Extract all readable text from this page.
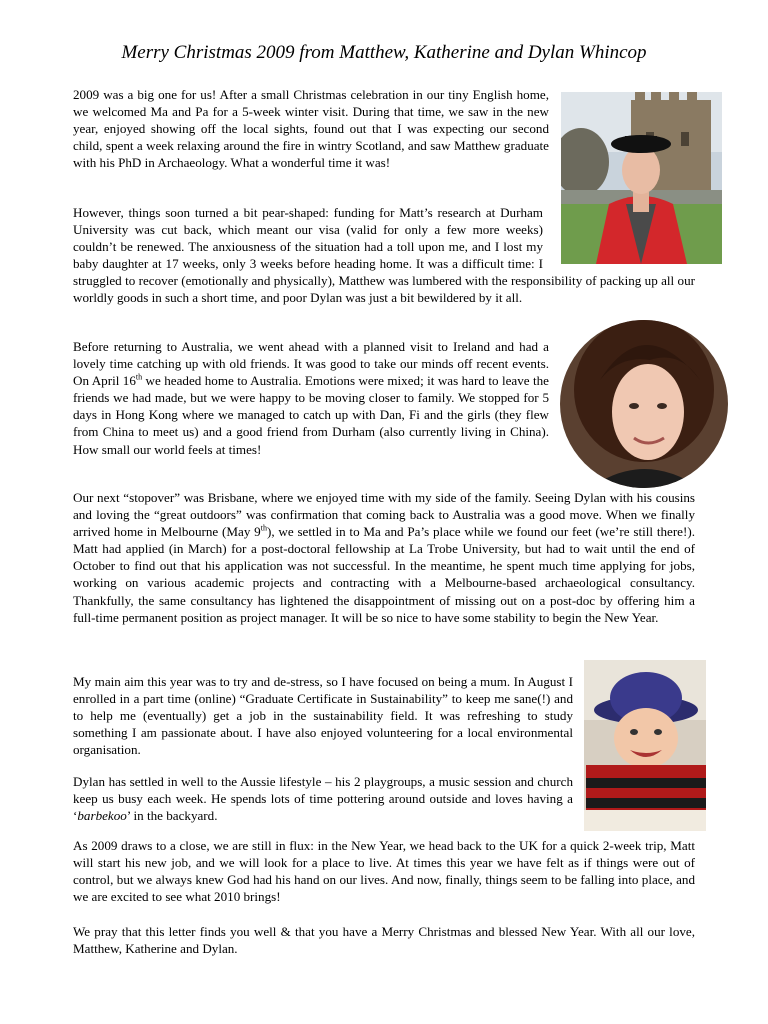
Merry Christmas 2009 from Matthew, Katherine and Dylan Whincop

2009 was a big one for us! After a small Christmas celebration in our tiny English home, we welcomed Ma and Pa for a 5-week winter visit. During that time, we saw in the new year, enjoyed showing off the local sights, found out that I was expecting our second child, spent a week relaxing around the fire in wintry Scotland, and saw Matthew graduate with his PhD in Archaeology. What a wonderful time it was!

However, things soon turned a bit pear-shaped: funding for Matt’s research at Durham University was cut back, which meant our visa (valid for only a few more weeks) couldn’t be renewed. The anxiousness of the situation had a toll upon me, and I lost my baby daughter at 17 weeks, only 3 weeks before heading home. It was a difficult time: I struggled to recover (emotionally and physically), Matthew was lumbered with the responsibility of packing up all our worldly goods in such a short time, and poor Dylan was just a bit bewildered by it all.

Before returning to Australia, we went ahead with a planned visit to Ireland and had a lovely time catching up with old friends. It was good to take our minds off recent events. On April 16th we headed home to Australia. Emotions were mixed; it was hard to leave the friends we had made, but we were happy to be moving closer to family. We stopped for 5 days in Hong Kong where we managed to catch up with Dan, Fi and the girls (they flew from China to meet us) and a good friend from Durham (also currently living in China). How small our world feels at times!

Our next “stopover” was Brisbane, where we enjoyed time with my side of the family. Seeing Dylan with his cousins and loving the “great outdoors” was confirmation that coming back to Australia was a good move. When we finally arrived home in Melbourne (May 9th), we settled in to Ma and Pa’s place while we found our feet (we’re still there!). Matt had applied (in March) for a post-doctoral fellowship at La Trobe University, but had to wait until the end of October to find out that his application was not successful. In the meantime, he spent much time applying for jobs, working on various academic projects and contracting with a Melbourne-based archaeological consultancy. Thankfully, the same consultancy has lightened the disappointment of missing out on a post-doc by offering him a full-time permanent position as project manager. It will be so nice to have some stability to begin the New Year.

My main aim this year was to try and de-stress, so I have focused on being a mum. In August I enrolled in a part time (online) “Graduate Certificate in Sustainability” to keep me sane(!) and to help me (eventually) get a job in the sustainability field. It was refreshing to study something I am passionate about. I have also enjoyed volunteering for a local environmental organisation.

Dylan has settled in well to the Aussie lifestyle – his 2 playgroups, a music session and church keep us busy each week. He spends lots of time pottering around outside and loves having a ‘barbekoo’ in the backyard.

As 2009 draws to a close, we are still in flux: in the New Year, we head back to the UK for a quick 2-week trip, Matt will start his new job, and we will look for a place to live. At times this year we have felt as if things were out of control, but we always knew God had his hand on our lives. And now, finally, things seem to be falling into place, and we are excited to see what 2010 brings!

We pray that this letter finds you well & that you have a Merry Christmas and blessed New Year. With all our love, Matthew, Katherine and Dylan.
